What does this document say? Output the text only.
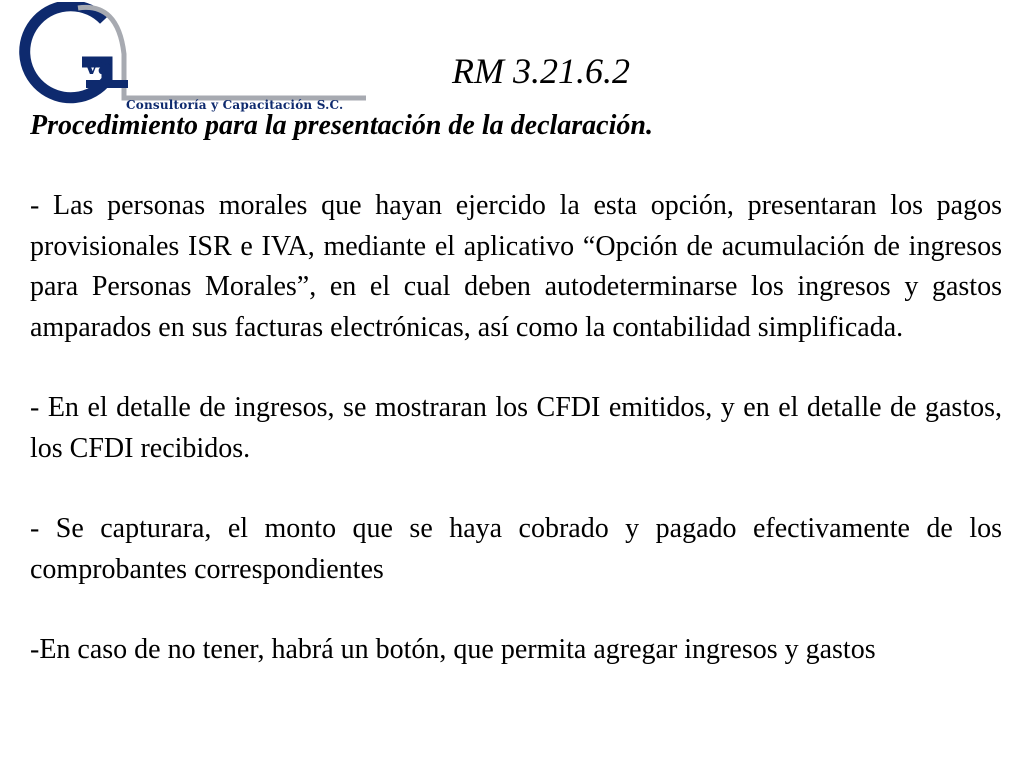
va
Consultoría y Capacitación S.C.
RM 3.21.6.2
Procedimiento para la presentación de la declaración.

- Las personas morales que hayan ejercido la esta opción, presentaran los pagos provisionales ISR e IVA, mediante el aplicativo “Opción de acumulación de ingresos para Personas Morales”, en el cual deben autodeterminarse los ingresos y gastos amparados en sus facturas electrónicas, así como la contabilidad simplificada.

- En el detalle de ingresos, se mostraran los CFDI emitidos, y en el detalle de gastos, los CFDI recibidos.

- Se capturara, el monto que se haya cobrado y pagado efectivamente de los comprobantes correspondientes

-En caso de no tener, habrá un botón, que permita agregar ingresos y gastos
